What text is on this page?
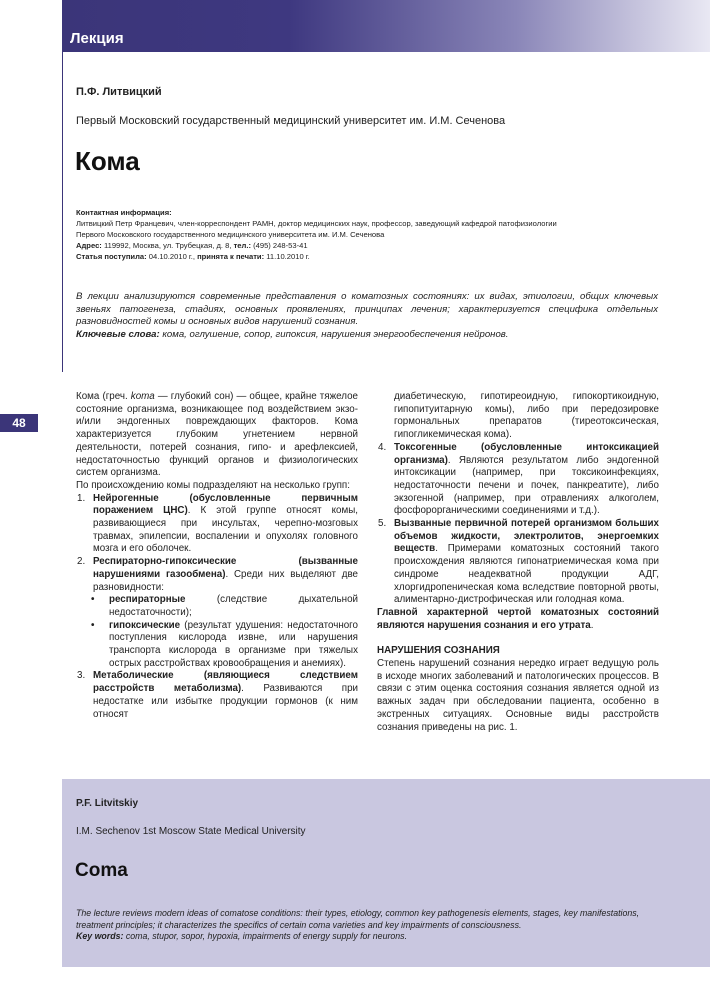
Лекция
48
П.Ф. Литвицкий
Первый Московский государственный медицинский университет им. И.М. Сеченова
Кома
Контактная информация:
Литвицкий Петр Францевич, член-корреспондент РАМН, доктор медицинских наук, профессор, заведующий кафедрой патофизиологии
Первого Московского государственного медицинского университета им. И.М. Сеченова
Адрес: 119992, Москва, ул. Трубецкая, д. 8, тел.: (495) 248-53-41
Статья поступила: 04.10.2010 г., принята к печати: 11.10.2010 г.
В лекции анализируются современные представления о коматозных состояниях: их видах, этиологии, общих ключевых звеньях патогенеза, стадиях, основных проявлениях, принципах лечения; характеризуется специфика отдельных разновидностей комы и основных видов нарушений сознания.
Ключевые слова: кома, оглушение, сопор, гипоксия, нарушения энергообеспечения нейронов.

Кома (греч. koma — глубокий сон) — общее, крайне тяжелое состояние организма, возникающее под воздействием экзо- и/или эндогенных повреждающих факторов. Кома характеризуется глубоким угнетением нервной деятельности, потерей сознания, гипо- и арефлексией, недостаточностью функций органов и физиологических систем организма.

По происхождению комы подразделяют на несколько групп:

1. Нейрогенные (обусловленные первичным поражением ЦНС). К этой группе относят комы, развивающиеся при инсультах, черепно-мозговых травмах, эпилепсии, воспалении и опухолях головного мозга и его оболочек.
2. Респираторно-гипоксические (вызванные нарушениями газообмена). Среди них выделяют две разновидности:
• респираторные (следствие дыхательной недостаточности);
• гипоксические (результат удушения: недостаточного поступления кислорода извне, или нарушения транспорта кислорода в организме при тяжелых острых расстройствах кровообращения и анемиях).
3. Метаболические (являющиеся следствием расстройств метаболизма). Развиваются при недостатке или избытке продукции гормонов (к ним относят

диабетическую, гипотиреоидную, гипокортикоидную, гипопитуитарную комы), либо при передозировке гормональных препаратов (тиреотоксическая, гипогликемическая кома).

4. Токсогенные (обусловленные интоксикацией организма). Являются результатом либо эндогенной интоксикации (например, при токсикоинфекциях, недостаточности печени и почек, панкреатите), либо экзогенной (например, при отравлениях алкоголем, фосфорорганическими соединениями и т.д.).
5. Вызванные первичной потерей организмом больших объемов жидкости, электролитов, энергоемких веществ. Примерами коматозных состояний такого происхождения являются гипонатриемическая кома при синдроме неадекватной продукции АДГ, хлоргидропеническая кома вследствие повторной рвоты, алиментарно-дистрофическая или голодная кома.

Главной характерной чертой коматозных состояний являются нарушения сознания и его утрата.

НАРУШЕНИЯ СОЗНАНИЯ

Степень нарушений сознания нередко играет ведущую роль в исходе многих заболеваний и патологических процессов. В связи с этим оценка состояния сознания является одной из важных задач при обследовании пациента, особенно в экстренных ситуациях. Основные виды расстройств сознания приведены на рис. 1.

P.F. Litvitskiy
I.M. Sechenov 1st Moscow State Medical University
Coma
The lecture reviews modern ideas of comatose conditions: their types, etiology, common key pathogenesis elements, stages, key manifestations, treatment principles; it characterizes the specifics of certain coma varieties and key impairments of consciousness.
Key words: coma, stupor, sopor, hypoxia, impairments of energy supply for neurons.
